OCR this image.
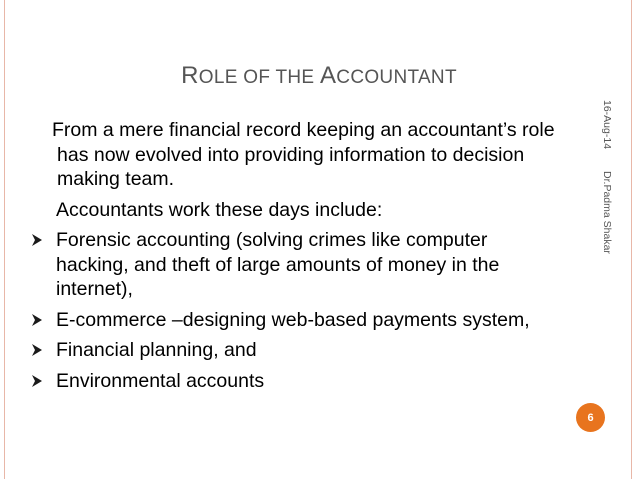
ROLE OF THE ACCOUNTANT
From a mere financial record keeping an accountant’s role has now evolved into providing information to decision making team.
Accountants work these days include:
Forensic accounting (solving crimes like computer hacking, and theft of large amounts of money in the internet),
E-commerce –designing web-based payments system,
Financial planning, and
Environmental accounts
16-Aug-14Dr.Padma Shakar
6
